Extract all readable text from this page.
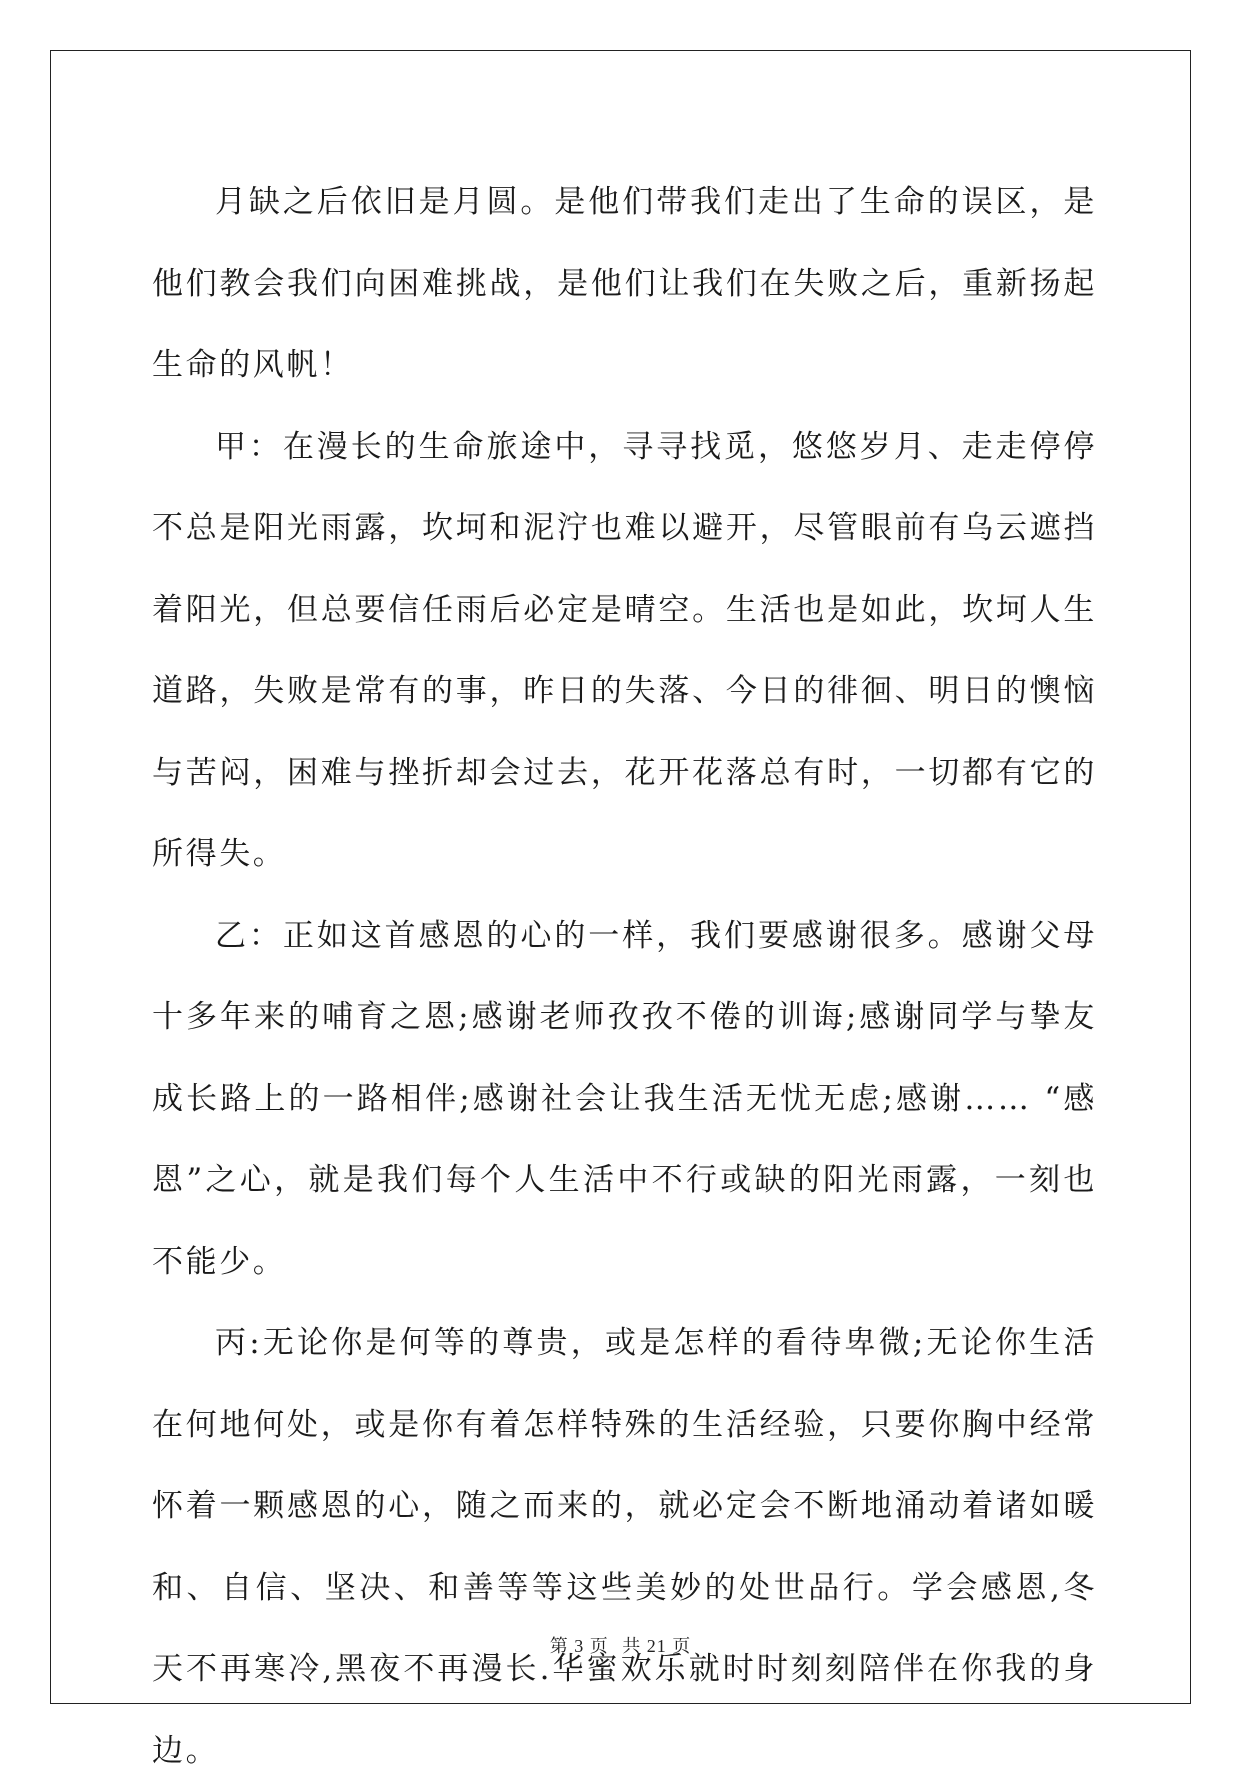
月缺之后依旧是月圆。是他们带我们走出了生命的误区，是他们教会我们向困难挑战，是他们让我们在失败之后，重新扬起生命的风帆！

甲：在漫长的生命旅途中，寻寻找觅，悠悠岁月、走走停停不总是阳光雨露，坎坷和泥泞也难以避开，尽管眼前有乌云遮挡着阳光，但总要信任雨后必定是晴空。生活也是如此，坎坷人生道路，失败是常有的事，昨日的失落、今日的徘徊、明日的懊恼与苦闷，困难与挫折却会过去，花开花落总有时，一切都有它的所得失。

乙：正如这首感恩的心的一样，我们要感谢很多。感谢父母十多年来的哺育之恩;感谢老师孜孜不倦的训诲;感谢同学与挚友成长路上的一路相伴;感谢社会让我生活无忧无虑;感谢…… “感恩”之心，就是我们每个人生活中不行或缺的阳光雨露，一刻也不能少。

丙:无论你是何等的尊贵，或是怎样的看待卑微;无论你生活在何地何处，或是你有着怎样特殊的生活经验，只要你胸中经常怀着一颗感恩的心，随之而来的，就必定会不断地涌动着诸如暖和、自信、坚决、和善等等这些美妙的处世品行。学会感恩,冬天不再寒冷,黑夜不再漫长.华蜜欢乐就时时刻刻陪伴在你我的身边。

第 3 页 共 21 页
